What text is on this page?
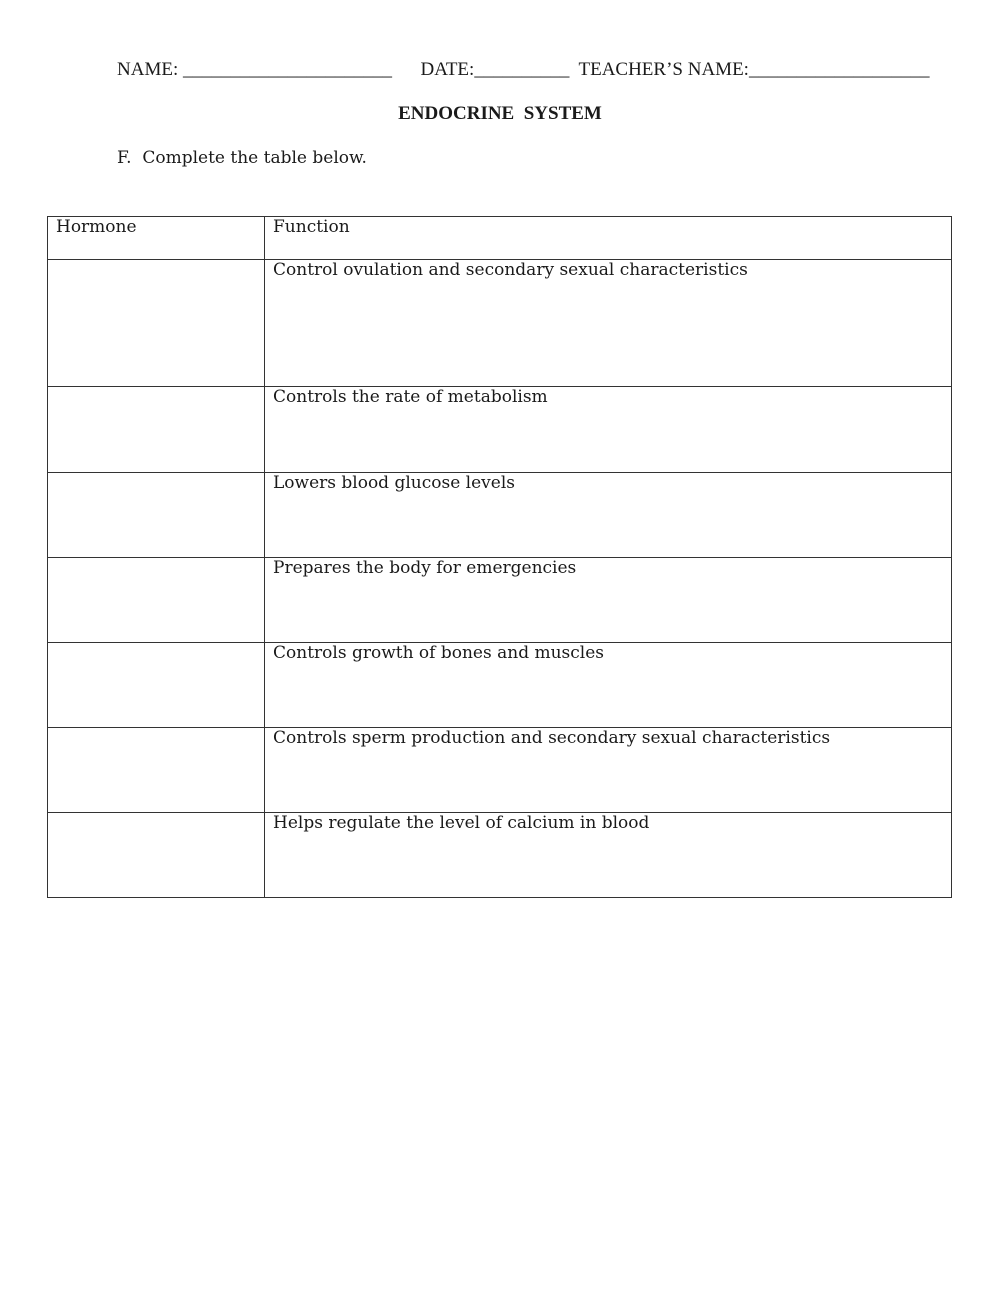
NAME: ______________________ DATE:__________ TEACHER’S NAME:___________________
ENDOCRINE  SYSTEM
F.  Complete the table below.
Hormone	Function

	Control ovulation and secondary sexual characteristics

	Controls the rate of metabolism

	Lowers blood glucose levels

	Prepares the body for emergencies

	Controls growth of bones and muscles

	Controls sperm production and secondary sexual characteristics

	Helps regulate the level of calcium in blood
